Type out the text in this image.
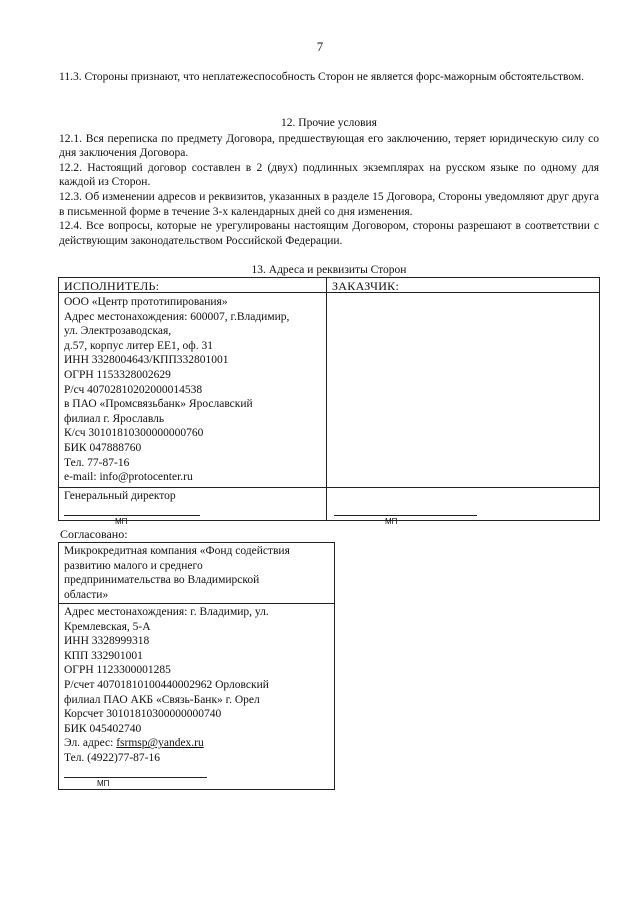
7

11.3. Стороны признают, что неплатежеспособность Сторон не является форс-мажорным обстоятельством.

12. Прочие условия

12.1. Вся переписка по предмету Договора, предшествующая его заключению, теряет юридическую силу со дня заключения Договора.

12.2. Настоящий договор составлен в 2 (двух) подлинных экземплярах на русском языке по одному для каждой из Сторон.

12.3. Об изменении адресов и реквизитов, указанных в разделе 15 Договора, Стороны уведомляют друг друга в письменной форме в течение 3-х календарных дней со дня изменения.

12.4. Все вопросы, которые не урегулированы настоящим Договором, стороны разрешают в соответствии с действующим законодательством Российской Федерации.

13. Адреса и реквизиты Сторон
ИСПОЛНИТЕЛЬ:	ЗАКАЗЧИК:
ООО «Центр прототипирования»
Адрес местонахождения: 600007, г.Владимир,
ул. Электрозаводская,
д.57, корпус литер ЕЕ1, оф. 31
ИНН 3328004643/КПП332801001
ОГРН 1153328002629
Р/сч 40702810202000014538
в ПАО «Промсвязьбанк» Ярославский
филиал г. Ярославль
К/сч 30101810300000000760
БИК 047888760
Тел. 77-87-16
e-mail: info@protocenter.ru
Генеральный директор
МП	МП
Согласовано:
Микрокредитная компания «Фонд содействия
развитию малого и среднего
предпринимательства во Владимирской
области»
Адрес местонахождения: г. Владимир, ул.
Кремлевская, 5-А
ИНН 3328999318
КПП 332901001
ОГРН 1123300001285
Р/счет 40701810100440002962 Орловский
филиал ПАО АКБ «Связь-Банк» г. Орел
Корсчет 30101810300000000740
БИК 045402740
Эл. адрес: fsrmsp@yandex.ru
Тел. (4922)77-87-16
МП
